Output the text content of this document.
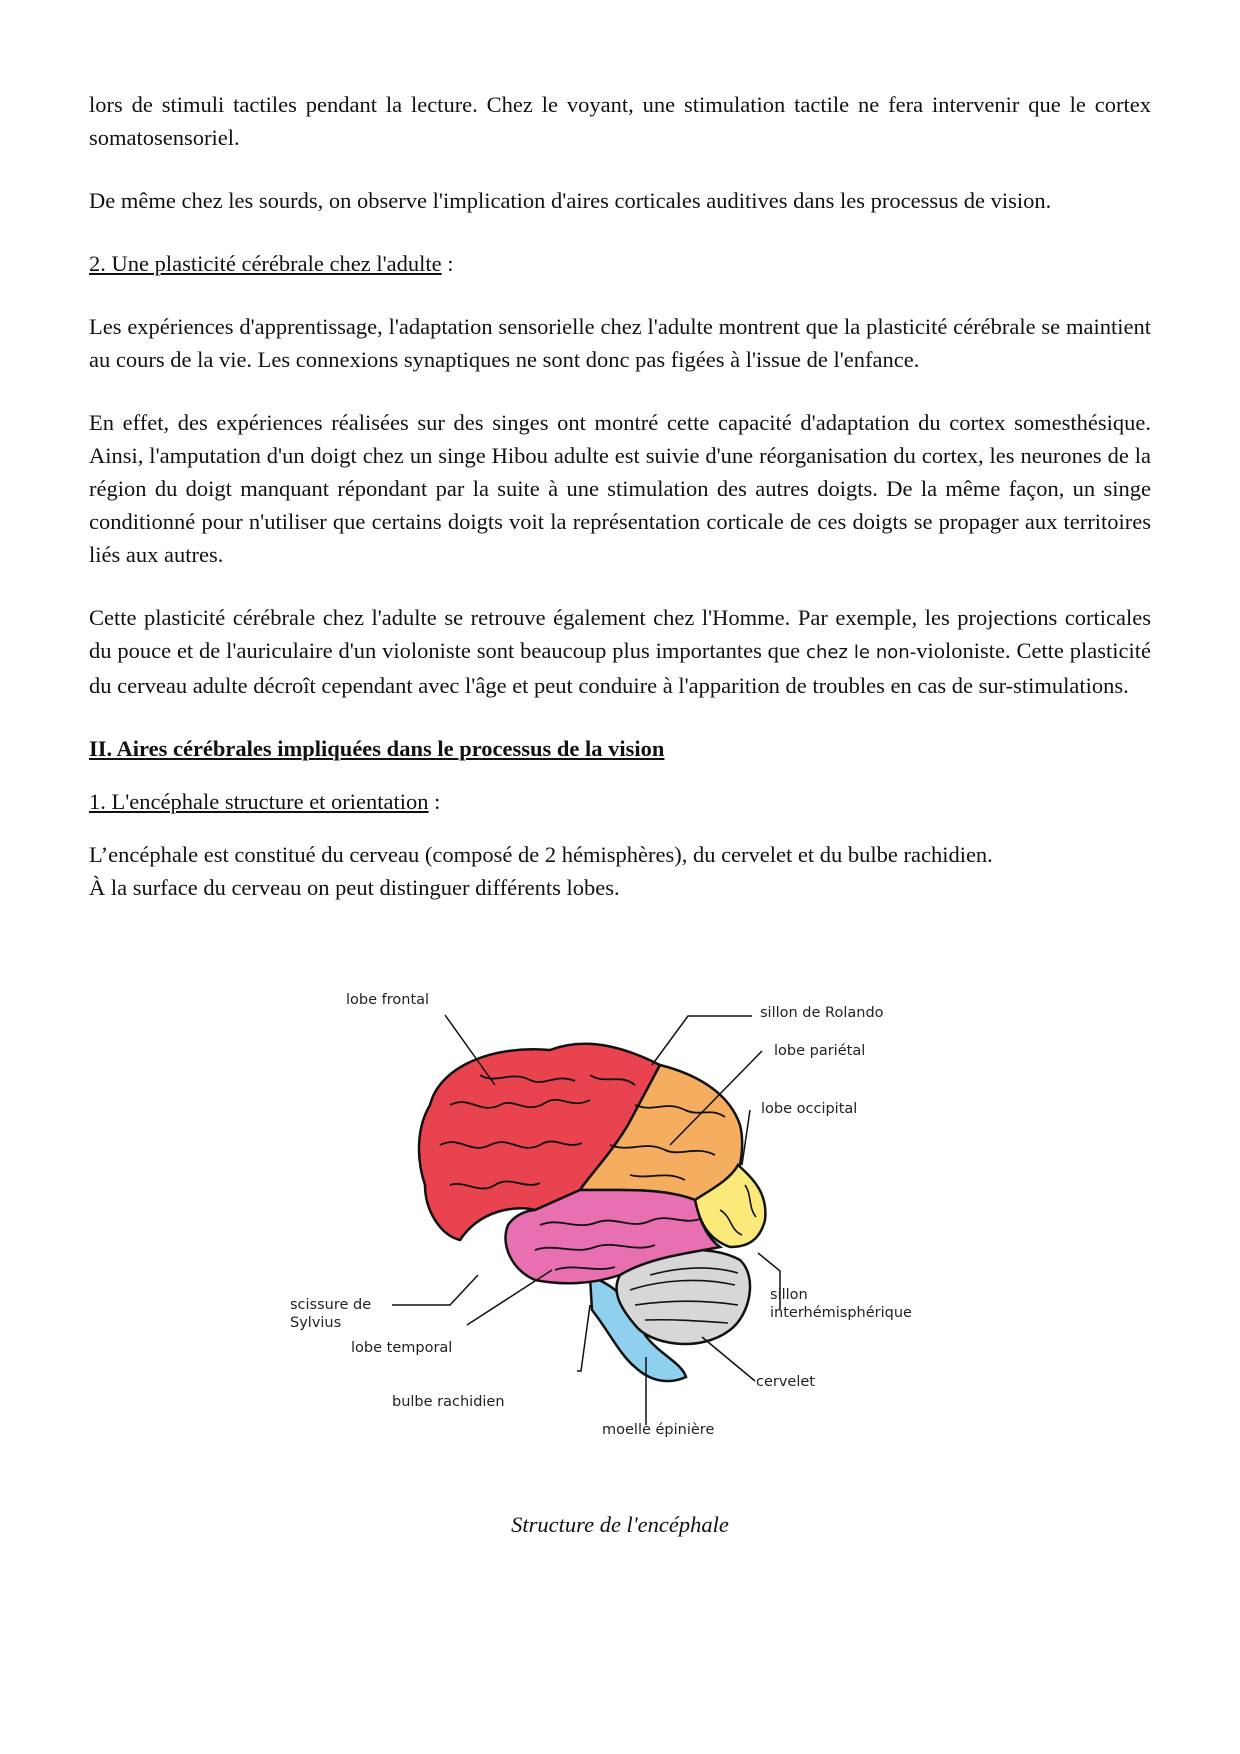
lors de stimuli tactiles pendant la lecture. Chez le voyant, une stimulation tactile ne fera intervenir que le cortex somatosensoriel.

De même chez les sourds, on observe l'implication d'aires corticales auditives dans les processus de vision.

2. Une plasticité cérébrale chez l'adulte :

Les expériences d'apprentissage, l'adaptation sensorielle chez l'adulte montrent que la plasticité cérébrale se maintient au cours de la vie. Les connexions synaptiques ne sont donc pas figées à l'issue de l'enfance.

En effet, des expériences réalisées sur des singes ont montré cette capacité d'adaptation du cortex somesthésique. Ainsi, l'amputation d'un doigt chez un singe Hibou adulte est suivie d'une réorganisation du cortex, les neurones de la région du doigt manquant répondant par la suite à une stimulation des autres doigts. De la même façon, un singe conditionné pour n'utiliser que certains doigts voit la représentation corticale de ces doigts se propager aux territoires liés aux autres.

Cette plasticité cérébrale chez l'adulte se retrouve également chez l'Homme. Par exemple, les projections corticales du pouce et de l'auriculaire d'un violoniste sont beaucoup plus importantes que chez le non-violoniste. Cette plasticité du cerveau adulte décroît cependant avec l'âge et peut conduire à l'apparition de troubles en cas de sur-stimulations.

II. Aires cérébrales impliquées dans le processus de la vision

1. L'encéphale structure et orientation :

L’encéphale est constitué du cerveau (composé de 2 hémisphères), du cervelet et du bulbe rachidien.
À la surface du cerveau on peut distinguer différents lobes.

lobe frontal
sillon de Rolando
lobe pariétal
lobe occipital
scissure de
Sylvius
sillon
interhémisphérique
lobe temporal
cervelet
bulbe rachidien
moelle épinière
Structure de l'encéphale
